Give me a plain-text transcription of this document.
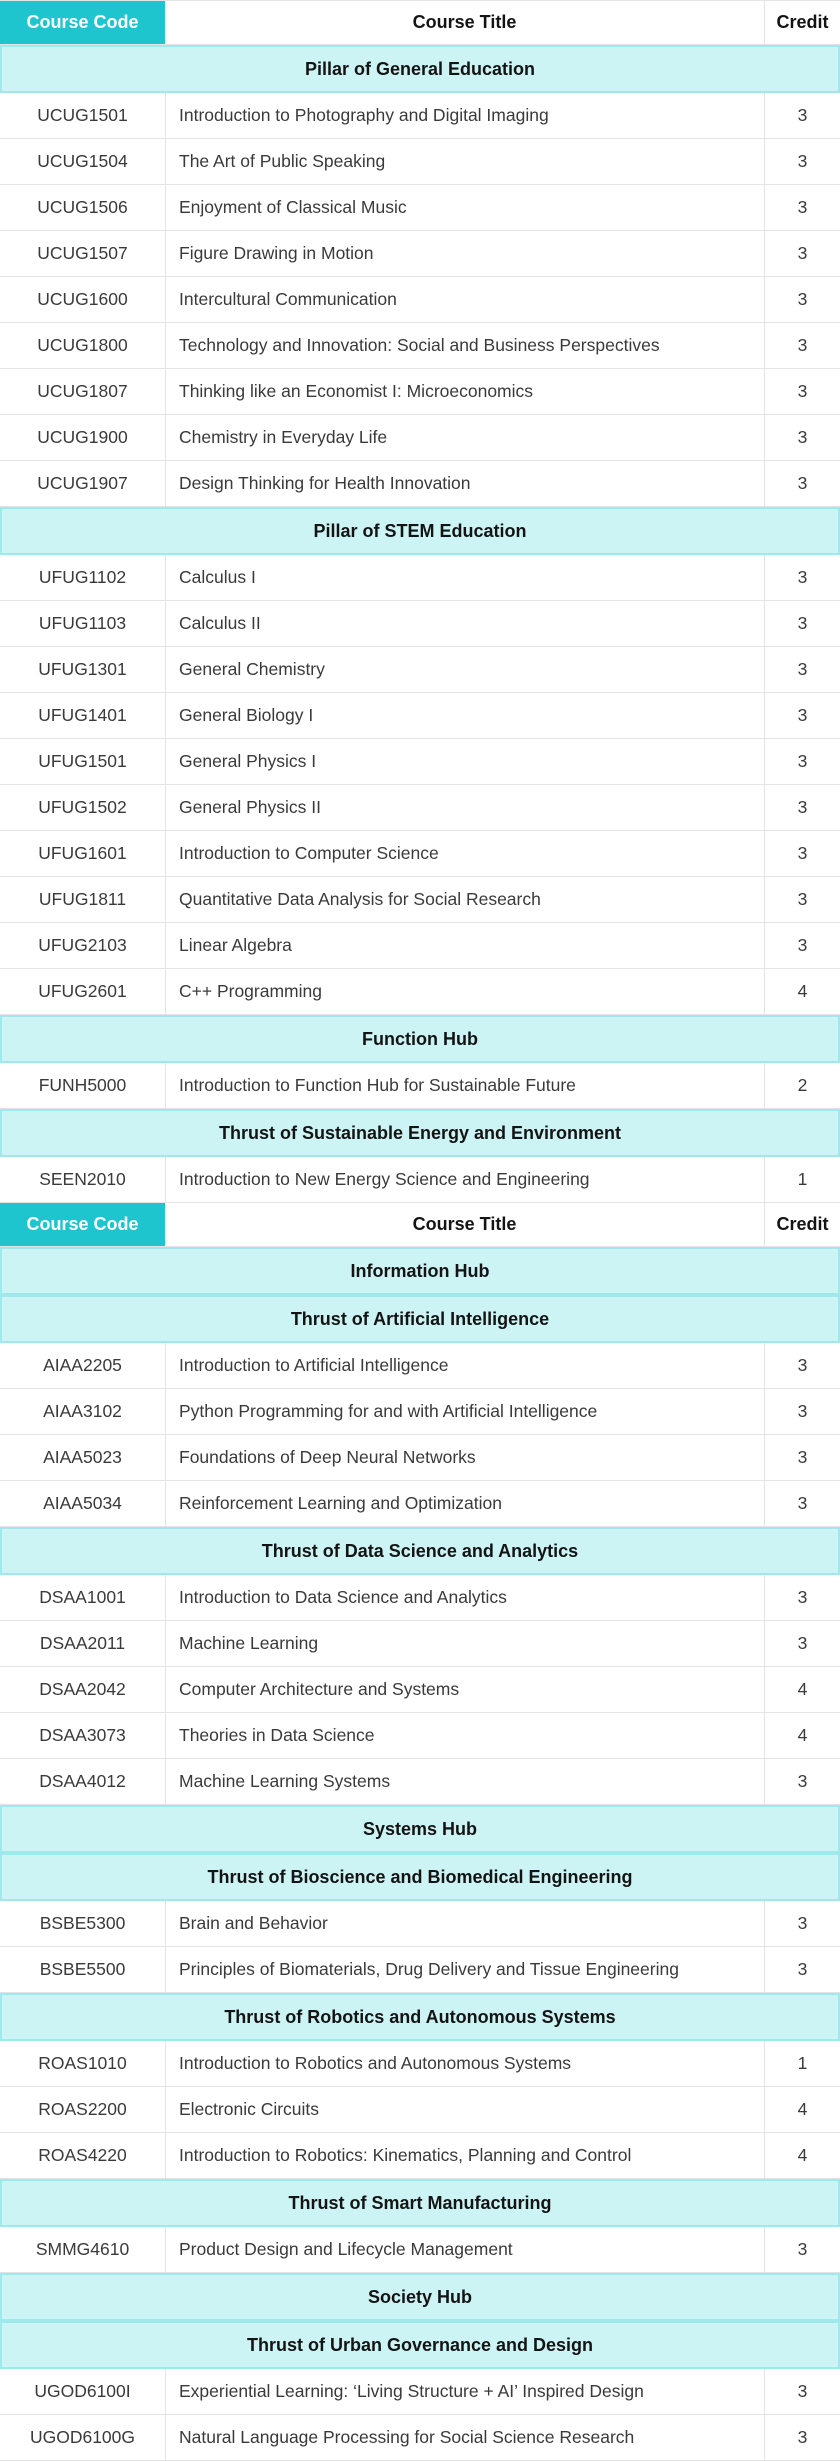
Course Code	Course Title	Credit
Pillar of General Education
UCUG1501	Introduction to Photography and Digital Imaging	3
UCUG1504	The Art of Public Speaking	3
UCUG1506	Enjoyment of Classical Music	3
UCUG1507	Figure Drawing in Motion	3
UCUG1600	Intercultural Communication	3
UCUG1800	Technology and Innovation: Social and Business Perspectives	3
UCUG1807	Thinking like an Economist I: Microeconomics	3
UCUG1900	Chemistry in Everyday Life	3
UCUG1907	Design Thinking for Health Innovation	3
Pillar of STEM Education
UFUG1102	Calculus I	3
UFUG1103	Calculus II	3
UFUG1301	General Chemistry	3
UFUG1401	General Biology I	3
UFUG1501	General Physics I	3
UFUG1502	General Physics II	3
UFUG1601	Introduction to Computer Science	3
UFUG1811	Quantitative Data Analysis for Social Research	3
UFUG2103	Linear Algebra	3
UFUG2601	C++ Programming	4
Function Hub
FUNH5000	Introduction to Function Hub for Sustainable Future	2
Thrust of Sustainable Energy and Environment
SEEN2010	Introduction to New Energy Science and Engineering	1
Course Code	Course Title	Credit
Information Hub
Thrust of Artificial Intelligence
AIAA2205	Introduction to Artificial Intelligence	3
AIAA3102	Python Programming for and with Artificial Intelligence	3
AIAA5023	Foundations of Deep Neural Networks	3
AIAA5034	Reinforcement Learning and Optimization	3
Thrust of Data Science and Analytics
DSAA1001	Introduction to Data Science and Analytics	3
DSAA2011	Machine Learning	3
DSAA2042	Computer Architecture and Systems	4
DSAA3073	Theories in Data Science	4
DSAA4012	Machine Learning Systems	3
Systems Hub
Thrust of Bioscience and Biomedical Engineering
BSBE5300	Brain and Behavior	3
BSBE5500	Principles of Biomaterials, Drug Delivery and Tissue Engineering	3
Thrust of Robotics and Autonomous Systems
ROAS1010	Introduction to Robotics and Autonomous Systems	1
ROAS2200	Electronic Circuits	4
ROAS4220	Introduction to Robotics: Kinematics, Planning and Control	4
Thrust of Smart Manufacturing
SMMG4610	Product Design and Lifecycle Management	3
Society Hub
Thrust of Urban Governance and Design
UGOD6100I	Experiential Learning: ‘Living Structure + AI’ Inspired Design	3
UGOD6100G	Natural Language Processing for Social Science Research	3
